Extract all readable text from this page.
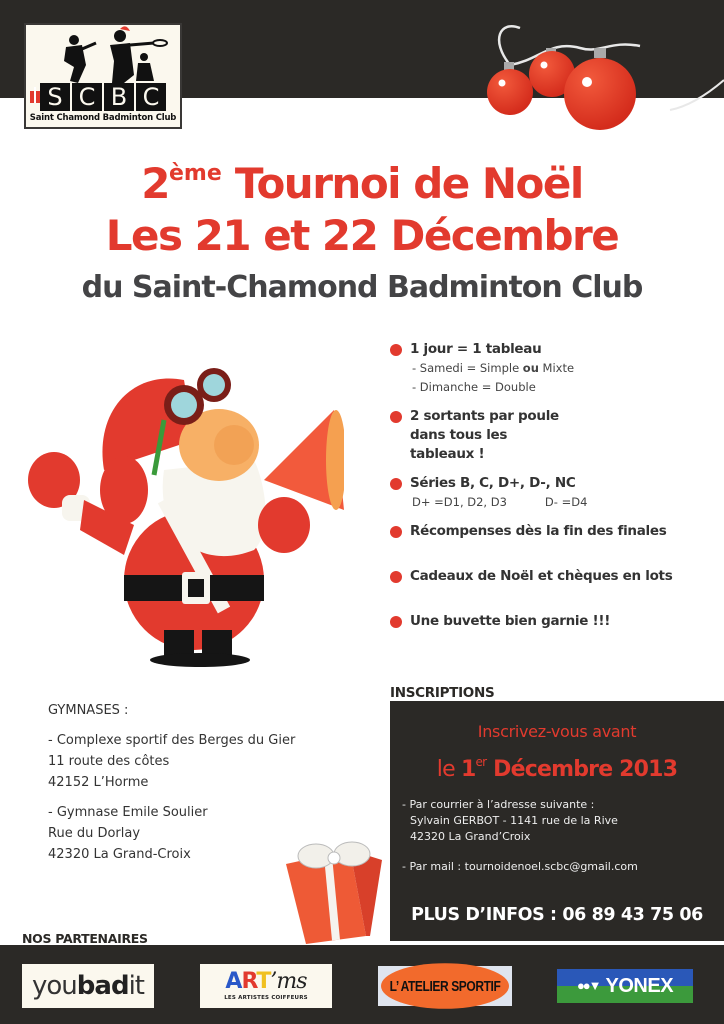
S C B C
Saint Chamond Badminton Club
2ème Tournoi de Noël
Les 21 et 22 Décembre
du Saint-Chamond Badminton Club
1 jour = 1 tableau
- Samedi = Simple ou Mixte
- Dimanche = Double
2 sortants par poule
dans tous les
tableaux !
Séries B, C, D+, D-, NC
D+ =D1, D2, D3	D- =D4
Récompenses dès la fin des finales
Cadeaux de Noël et chèques en lots
Une buvette bien garnie !!!
GYMNASES :
- Complexe sportif des Berges du Gier
11 route des côtes
42152 L’Horme
- Gymnase Emile Soulier
Rue du Dorlay
42320 La Grand-Croix
INSCRIPTIONS
Inscrivez-vous avant
le 1er Décembre 2013
- Par courrier à l’adresse suivante :
Sylvain GERBOT - 1141 rue de la Rive
42320 La Grand’Croix
- Par mail : tournoidenoel.scbc@gmail.com
PLUS D’INFOS : 06 89 43 75 06
NOS PARTENAIRES
you bad it	ART’ms
LES ARTISTES COIFFEURS
L’ ATELIER SPORTIF	●●▼ YONEX
